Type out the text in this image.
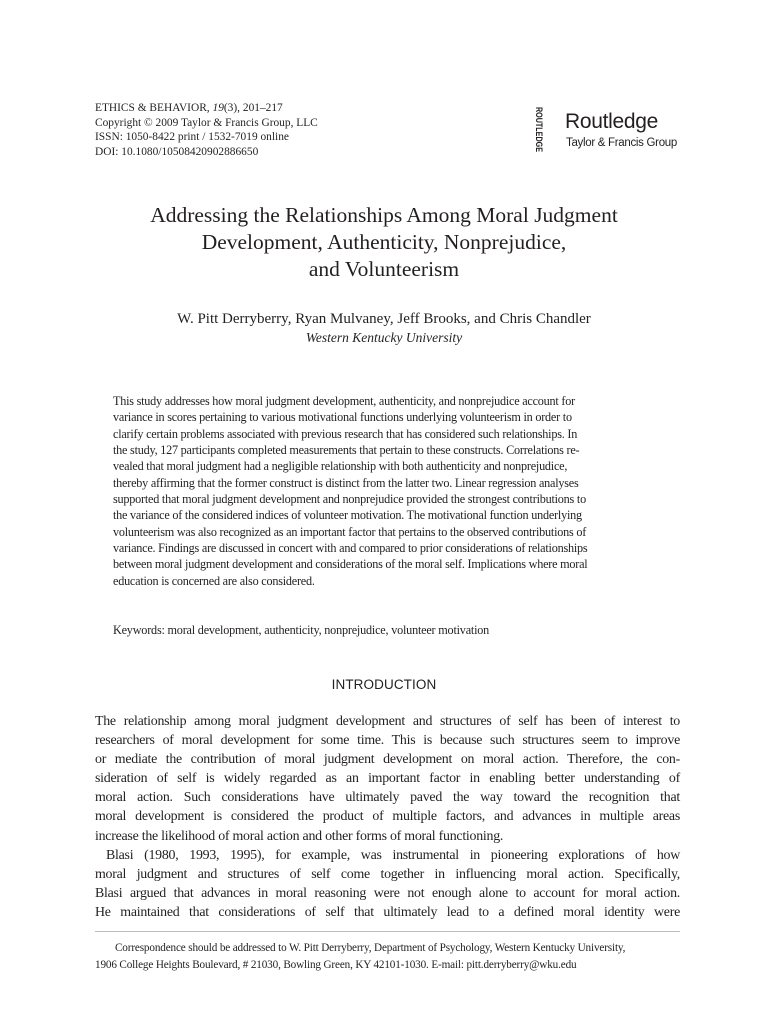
ETHICS & BEHAVIOR, 19(3), 201–217
Copyright © 2009 Taylor & Francis Group, LLC
ISSN: 1050-8422 print / 1532-7019 online
DOI: 10.1080/10508420902886650	ROUTLEDGE Routledge
Taylor & Francis Group
Addressing the Relationships Among Moral Judgment
Development, Authenticity, Nonprejudice,
and Volunteerism
W. Pitt Derryberry, Ryan Mulvaney, Jeff Brooks, and Chris Chandler
Western Kentucky University
This study addresses how moral judgment development, authenticity, and nonprejudice account for
variance in scores pertaining to various motivational functions underlying volunteerism in order to
clarify certain problems associated with previous research that has considered such relationships. In
the study, 127 participants completed measurements that pertain to these constructs. Correlations re-
vealed that moral judgment had a negligible relationship with both authenticity and nonprejudice,
thereby affirming that the former construct is distinct from the latter two. Linear regression analyses
supported that moral judgment development and nonprejudice provided the strongest contributions to
the variance of the considered indices of volunteer motivation. The motivational function underlying
volunteerism was also recognized as an important factor that pertains to the observed contributions of
variance. Findings are discussed in concert with and compared to prior considerations of relationships
between moral judgment development and considerations of the moral self. Implications where moral
education is concerned are also considered.
Keywords: moral development, authenticity, nonprejudice, volunteer motivation
INTRODUCTION
The relationship among moral judgment development and structures of self has been of interest to
researchers of moral development for some time. This is because such structures seem to improve
or mediate the contribution of moral judgment development on moral action. Therefore, the con-
sideration of self is widely regarded as an important factor in enabling better understanding of
moral action. Such considerations have ultimately paved the way toward the recognition that
moral development is considered the product of multiple factors, and advances in multiple areas
increase the likelihood of moral action and other forms of moral functioning.
Blasi (1980, 1993, 1995), for example, was instrumental in pioneering explorations of how
moral judgment and structures of self come together in influencing moral action. Specifically,
Blasi argued that advances in moral reasoning were not enough alone to account for moral action.
He maintained that considerations of self that ultimately lead to a defined moral identity were
Correspondence should be addressed to W. Pitt Derryberry, Department of Psychology, Western Kentucky University,
1906 College Heights Boulevard, # 21030, Bowling Green, KY 42101-1030. E-mail: pitt.derryberry@wku.edu
